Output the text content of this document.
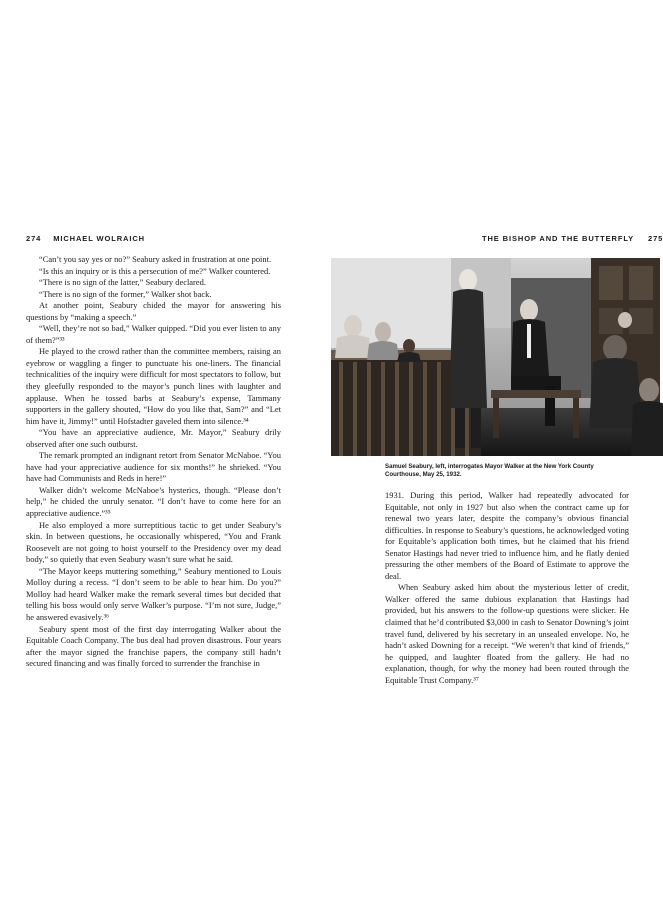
274 MICHAEL WOLRAICH

“Can’t you say yes or no?” Seabury asked in frustration at one point.

“Is this an inquiry or is this a persecution of me?” Walker countered.

“There is no sign of the latter,” Seabury declared.

“There is no sign of the former,” Walker shot back.

At another point, Seabury chided the mayor for answering his questions by “making a speech.”

“Well, they’re not so bad,” Walker quipped. “Did you ever listen to any of them?”³³

He played to the crowd rather than the committee members, raising an eyebrow or waggling a finger to punctuate his one-liners. The financial technicalities of the inquiry were difficult for most spectators to follow, but they gleefully responded to the mayor’s punch lines with laughter and applause. When he tossed barbs at Seabury’s expense, Tammany supporters in the gallery shouted, “How do you like that, Sam?” and “Let him have it, Jimmy!” until Hofstadter gaveled them into silence.³⁴

“You have an appreciative audience, Mr. Mayor,” Seabury drily observed after one such outburst.

The remark prompted an indignant retort from Senator McNaboe. “You have had your appreciative audience for six months!” he shrieked. “You have had Communists and Reds in here!”

Walker didn’t welcome McNaboe’s hysterics, though. “Please don’t help,” he chided the unruly senator. “I don’t have to come here for an appreciative audience.”³⁵

He also employed a more surreptitious tactic to get under Seabury’s skin. In between questions, he occasionally whispered, “You and Frank Roosevelt are not going to hoist yourself to the Presidency over my dead body,” so quietly that even Seabury wasn’t sure what he said.

“The Mayor keeps muttering something,” Seabury mentioned to Louis Molloy during a recess. “I don’t seem to be able to hear him. Do you?” Molloy had heard Walker make the remark several times but decided that telling his boss would only serve Walker’s purpose. “I’m not sure, Judge,” he answered evasively.³⁶

Seabury spent most of the first day interrogating Walker about the Equitable Coach Company. The bus deal had proven disastrous. Four years after the mayor signed the franchise papers, the company still hadn’t secured financing and was finally forced to surrender the franchise in

THE BISHOP AND THE BUTTERFLY 275
Samuel Seabury, left, interrogates Mayor Walker at the New York County Courthouse, May 25, 1932.

1931. During this period, Walker had repeatedly advocated for Equitable, not only in 1927 but also when the contract came up for renewal two years later, despite the company’s obvious financial difficulties. In response to Seabury’s questions, he acknowledged voting for Equitable’s application both times, but he claimed that his friend Senator Hastings had never tried to influence him, and he flatly denied pressuring the other members of the Board of Estimate to approve the deal.

When Seabury asked him about the mysterious letter of credit, Walker offered the same dubious explanation that Hastings had provided, but his answers to the follow-up questions were slicker. He claimed that he’d contributed $3,000 in cash to Senator Downing’s joint travel fund, delivered by his secretary in an unsealed envelope. No, he hadn’t asked Downing for a receipt. “We weren’t that kind of friends,” he quipped, and laughter floated from the gallery. He had no explanation, though, for why the money had been routed through the Equitable Trust Company.³⁷
